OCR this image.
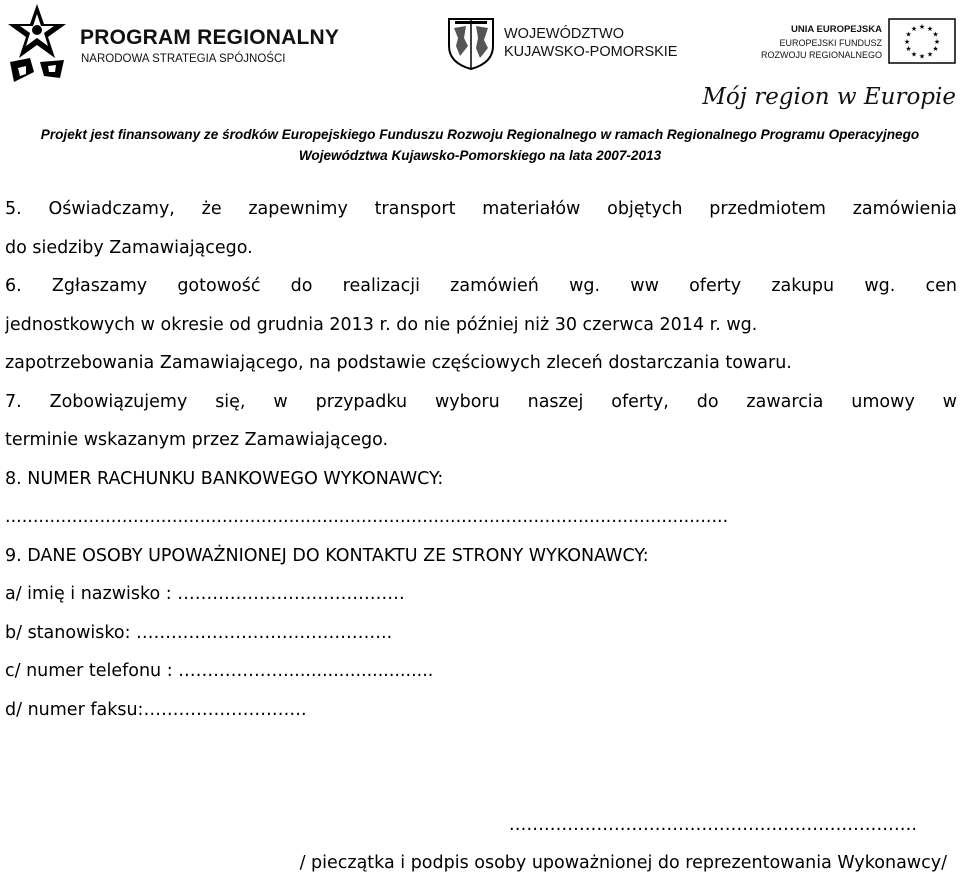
PROGRAM REGIONALNY
NARODOWA STRATEGIA SPÓJNOŚCI
WOJEWÓDZTWO
KUJAWSKO-POMORSKIE
UNIA EUROPEJSKA
EUROPEJSKI FUNDUSZ
ROZWOJU REGIONALNEGO
★ ★
★
★
★
★
★
★
★
★
★
★
Mój region w Europie
Projekt jest finansowany ze środków Europejskiego Funduszu Rozwoju Regionalnego w ramach Regionalnego Programu Operacyjnego
Województwa Kujawsko-Pomorskiego na lata 2007-2013
5. Oświadczamy, że zapewnimy transport materiałów objętych przedmiotem zamówienia
do siedziby Zamawiającego.
6. Zgłaszamy gotowość do realizacji zamówień wg. ww oferty zakupu wg. cen
jednostkowych w okresie od grudnia 2013 r. do nie później niż 30 czerwca 2014 r. wg.
zapotrzebowania Zamawiającego, na podstawie częściowych zleceń dostarczania towaru.
7. Zobowiązujemy się, w przypadku wyboru naszej oferty, do zawarcia umowy w
terminie wskazanym przez Zamawiającego.
8. NUMER RACHUNKU BANKOWEGO WYKONAWCY:
..................................................................................................................................
9. DANE OSOBY UPOWAŻNIONEJ DO KONTAKTU ZE STRONY WYKONAWCY:
a/ imię i nazwisko : …………………………………
b/ stanowisko: ……………………………………..
c/ numer telefonu : ………………...........................
d/ numer faksu:……………………….
…………………………………………………………….
/ pieczątka i podpis osoby upoważnionej do reprezentowania Wykonawcy/
